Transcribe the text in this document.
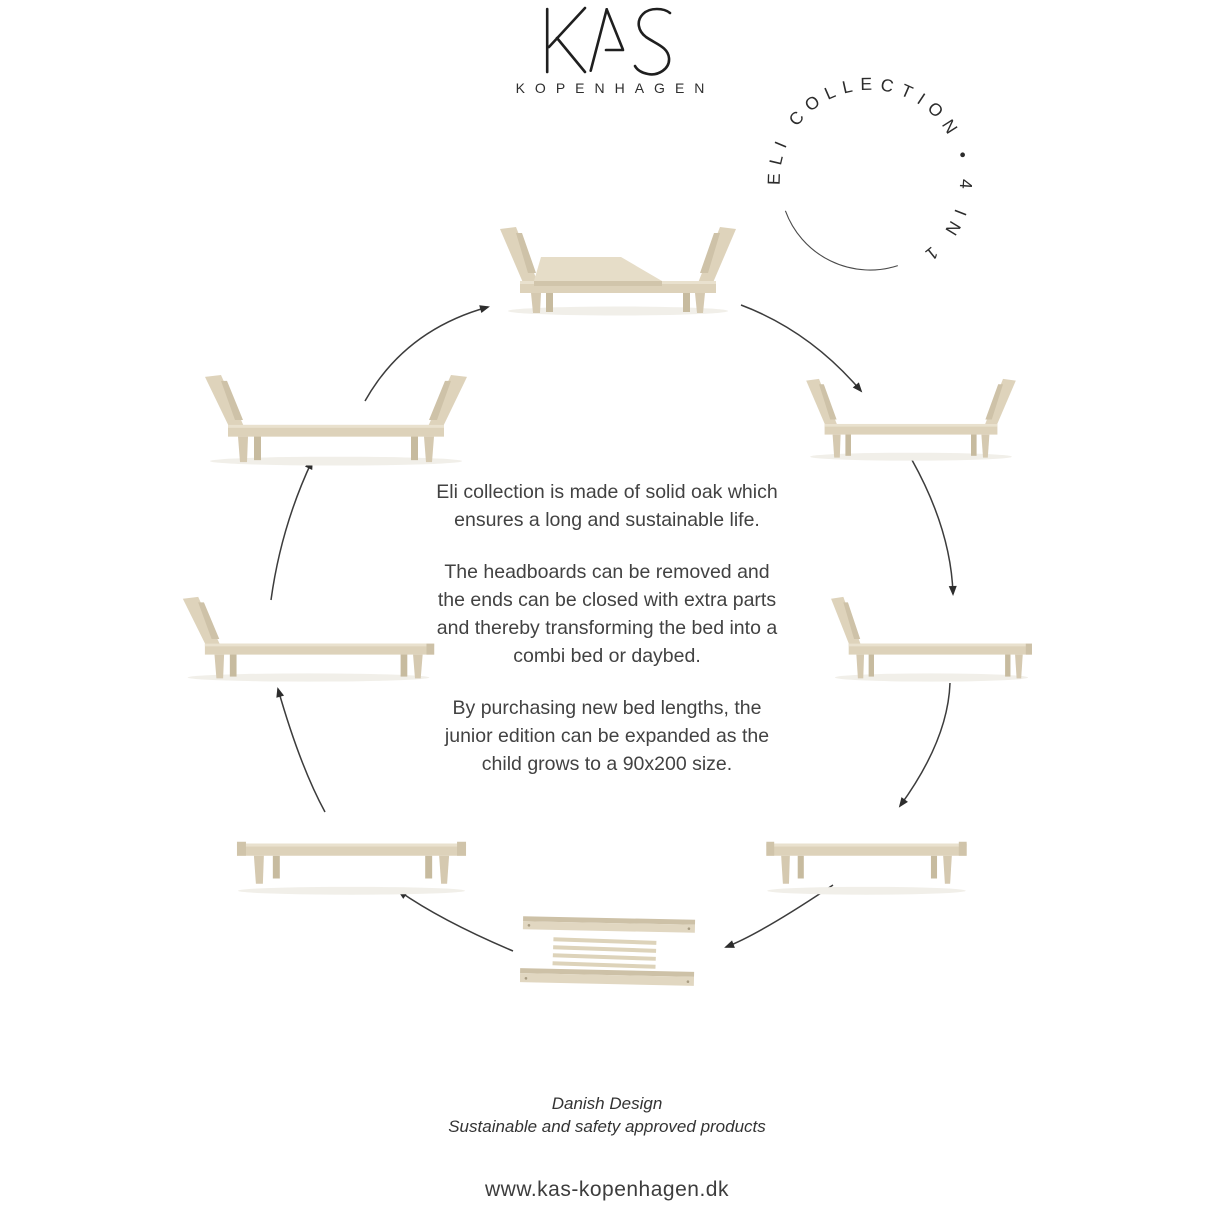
KOPENHAGEN
ELI COLLECTION • 4 IN 1

Eli collection is made of solid oak which ensures a long and sustainable life.

The headboards can be removed and the ends can be closed with extra parts and thereby transforming the bed into a combi bed or daybed.

By purchasing new bed lengths, the junior edition can be expanded as the child grows to a 90x200 size.

Danish Design
Sustainable and safety approved products
www.kas-kopenhagen.dk
